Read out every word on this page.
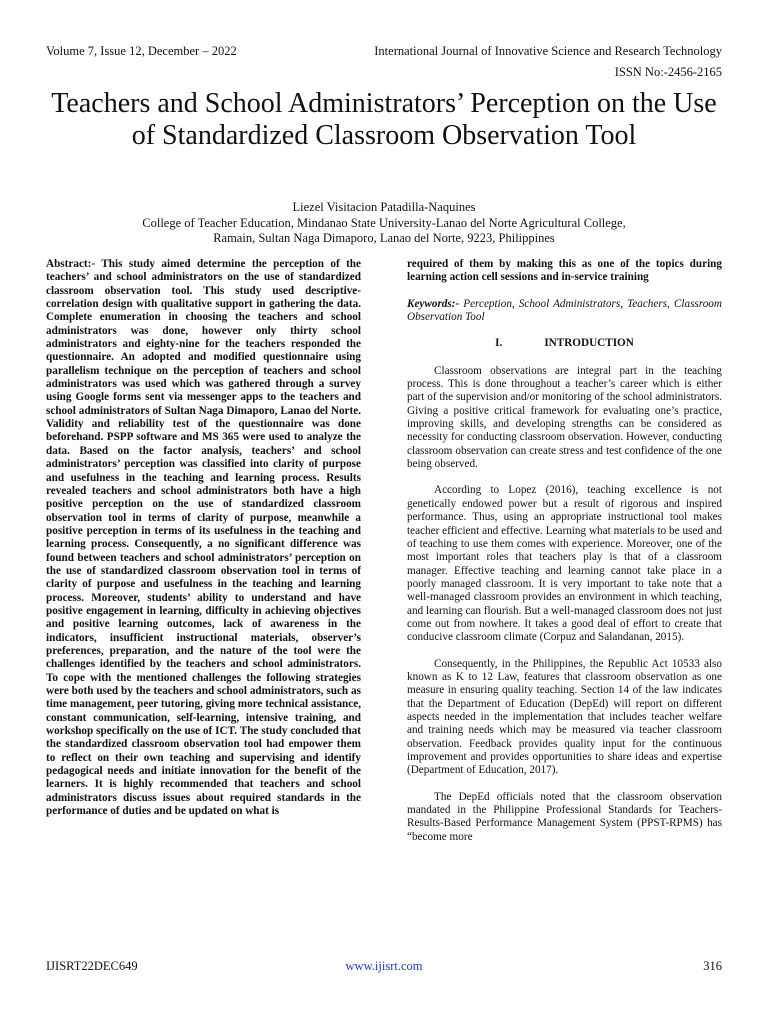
Volume 7, Issue 12, December – 2022	International Journal of Innovative Science and Research Technology
ISSN No:-2456-2165
Teachers and School Administrators’ Perception on the Use of Standardized Classroom Observation Tool
Liezel Visitacion Patadilla-Naquines
College of Teacher Education, Mindanao State University-Lanao del Norte Agricultural College,
Ramain, Sultan Naga Dimaporo, Lanao del Norte, 9223, Philippines

Abstract:- This study aimed determine the perception of the teachers’ and school administrators on the use of standardized classroom observation tool. This study used descriptive-correlation design with qualitative support in gathering the data. Complete enumeration in choosing the teachers and school administrators was done, however only thirty school administrators and eighty-nine for the teachers responded the questionnaire. An adopted and modified questionnaire using parallelism technique on the perception of teachers and school administrators was used which was gathered through a survey using Google forms sent via messenger apps to the teachers and school administrators of Sultan Naga Dimaporo, Lanao del Norte. Validity and reliability test of the questionnaire was done beforehand. PSPP software and MS 365 were used to analyze the data. Based on the factor analysis, teachers’ and school administrators’ perception was classified into clarity of purpose and usefulness in the teaching and learning process. Results revealed teachers and school administrators both have a high positive perception on the use of standardized classroom observation tool in terms of clarity of purpose, meanwhile a positive perception in terms of its usefulness in the teaching and learning process. Consequently, a no significant difference was found between teachers and school administrators’ perception on the use of standardized classroom observation tool in terms of clarity of purpose and usefulness in the teaching and learning process. Moreover, students’ ability to understand and have positive engagement in learning, difficulty in achieving objectives and positive learning outcomes, lack of awareness in the indicators, insufficient instructional materials, observer’s preferences, preparation, and the nature of the tool were the challenges identified by the teachers and school administrators. To cope with the mentioned challenges the following strategies were both used by the teachers and school administrators, such as time management, peer tutoring, giving more technical assistance, constant communication, self-learning, intensive training, and workshop specifically on the use of ICT. The study concluded that the standardized classroom observation tool had empower them to reflect on their own teaching and supervising and identify pedagogical needs and initiate innovation for the benefit of the learners. It is highly recommended that teachers and school administrators discuss issues about required standards in the performance of duties and be updated on what is

required of them by making this as one of the topics during learning action cell sessions and in-service training

Keywords:- Perception, School Administrators, Teachers, Classroom Observation Tool

I.	INTRODUCTION

Classroom observations are integral part in the teaching process. This is done throughout a teacher’s career which is either part of the supervision and/or monitoring of the school administrators. Giving a positive critical framework for evaluating one’s practice, improving skills, and developing strengths can be considered as necessity for conducting classroom observation. However, conducting classroom observation can create stress and test confidence of the one being observed.

According to Lopez (2016), teaching excellence is not genetically endowed power but a result of rigorous and inspired performance. Thus, using an appropriate instructional tool makes teacher efficient and effective. Learning what materials to be used and of teaching to use them comes with experience. Moreover, one of the most important roles that teachers play is that of a classroom manager. Effective teaching and learning cannot take place in a poorly managed classroom. It is very important to take note that a well-managed classroom provides an environment in which teaching, and learning can flourish. But a well-managed classroom does not just come out from nowhere. It takes a good deal of effort to create that conducive classroom climate (Corpuz and Salandanan, 2015).

Consequently, in the Philippines, the Republic Act 10533 also known as K to 12 Law, features that classroom observation as one measure in ensuring quality teaching. Section 14 of the law indicates that the Department of Education (DepEd) will report on different aspects needed in the implementation that includes teacher welfare and training needs which may be measured via teacher classroom observation. Feedback provides quality input for the continuous improvement and provides opportunities to share ideas and expertise (Department of Education, 2017).

The DepEd officials noted that the classroom observation mandated in the Philippine Professional Standards for Teachers-Results-Based Performance Management System (PPST-RPMS) has “become more

IJISRT22DEC649	www.ijisrt.com	316
